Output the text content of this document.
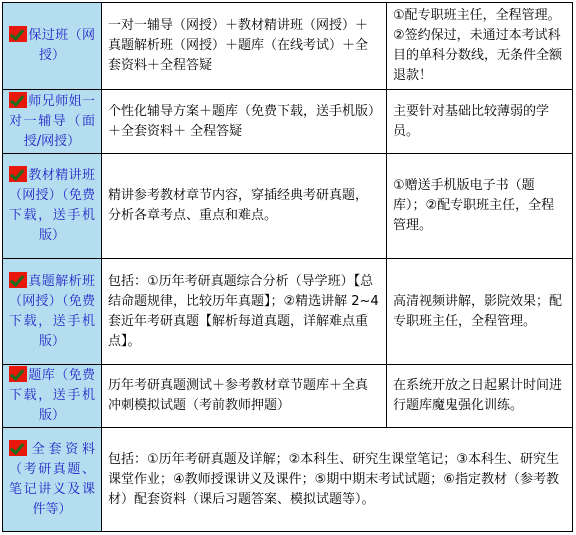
保过班（网授）	一对一辅导（网授）＋教材精讲班（网授）＋真题解析班（网授）＋题库（在线考试）＋全套资料＋全程答疑	①配专职班主任，全程管理。②签约保过，未通过本考试科目的单科分数线，无条件全额退款！

师兄师姐一对一辅导（面授/网授）	个性化辅导方案＋题库（免费下载，送手机版）＋全套资料＋ 全程答疑	主要针对基础比较薄弱的学员。

教材精讲班（网授）（免费下载，送手机版）	精讲参考教材章节内容，穿插经典考研真题，分析各章考点、重点和难点。	①赠送手机版电子书（题库）；②配专职班主任，全程管理。

真题解析班（网授）（免费下载，送手机版）	包括：①历年考研真题综合分析（导学班）【总结命题规律，比较历年真题】；②精选讲解 2~4 套近年考研真题【解析每道真题，详解难点重点】。	高清视频讲解，影院效果；配专职班主任，全程管理。

题库（免费下载，送手机版）	历年考研真题测试＋参考教材章节题库＋全真冲刺模拟试题（考前教师押题）	在系统开放之日起累计时间进行题库魔鬼强化训练。

全套资料（考研真题、笔记讲义及课件等）	包括：①历年考研真题及详解；②本科生、研究生课堂笔记；③本科生、研究生课堂作业；④教师授课讲义及课件；⑤期中期末考试试题；⑥指定教材（参考教材）配套资料（课后习题答案、模拟试题等）。	
